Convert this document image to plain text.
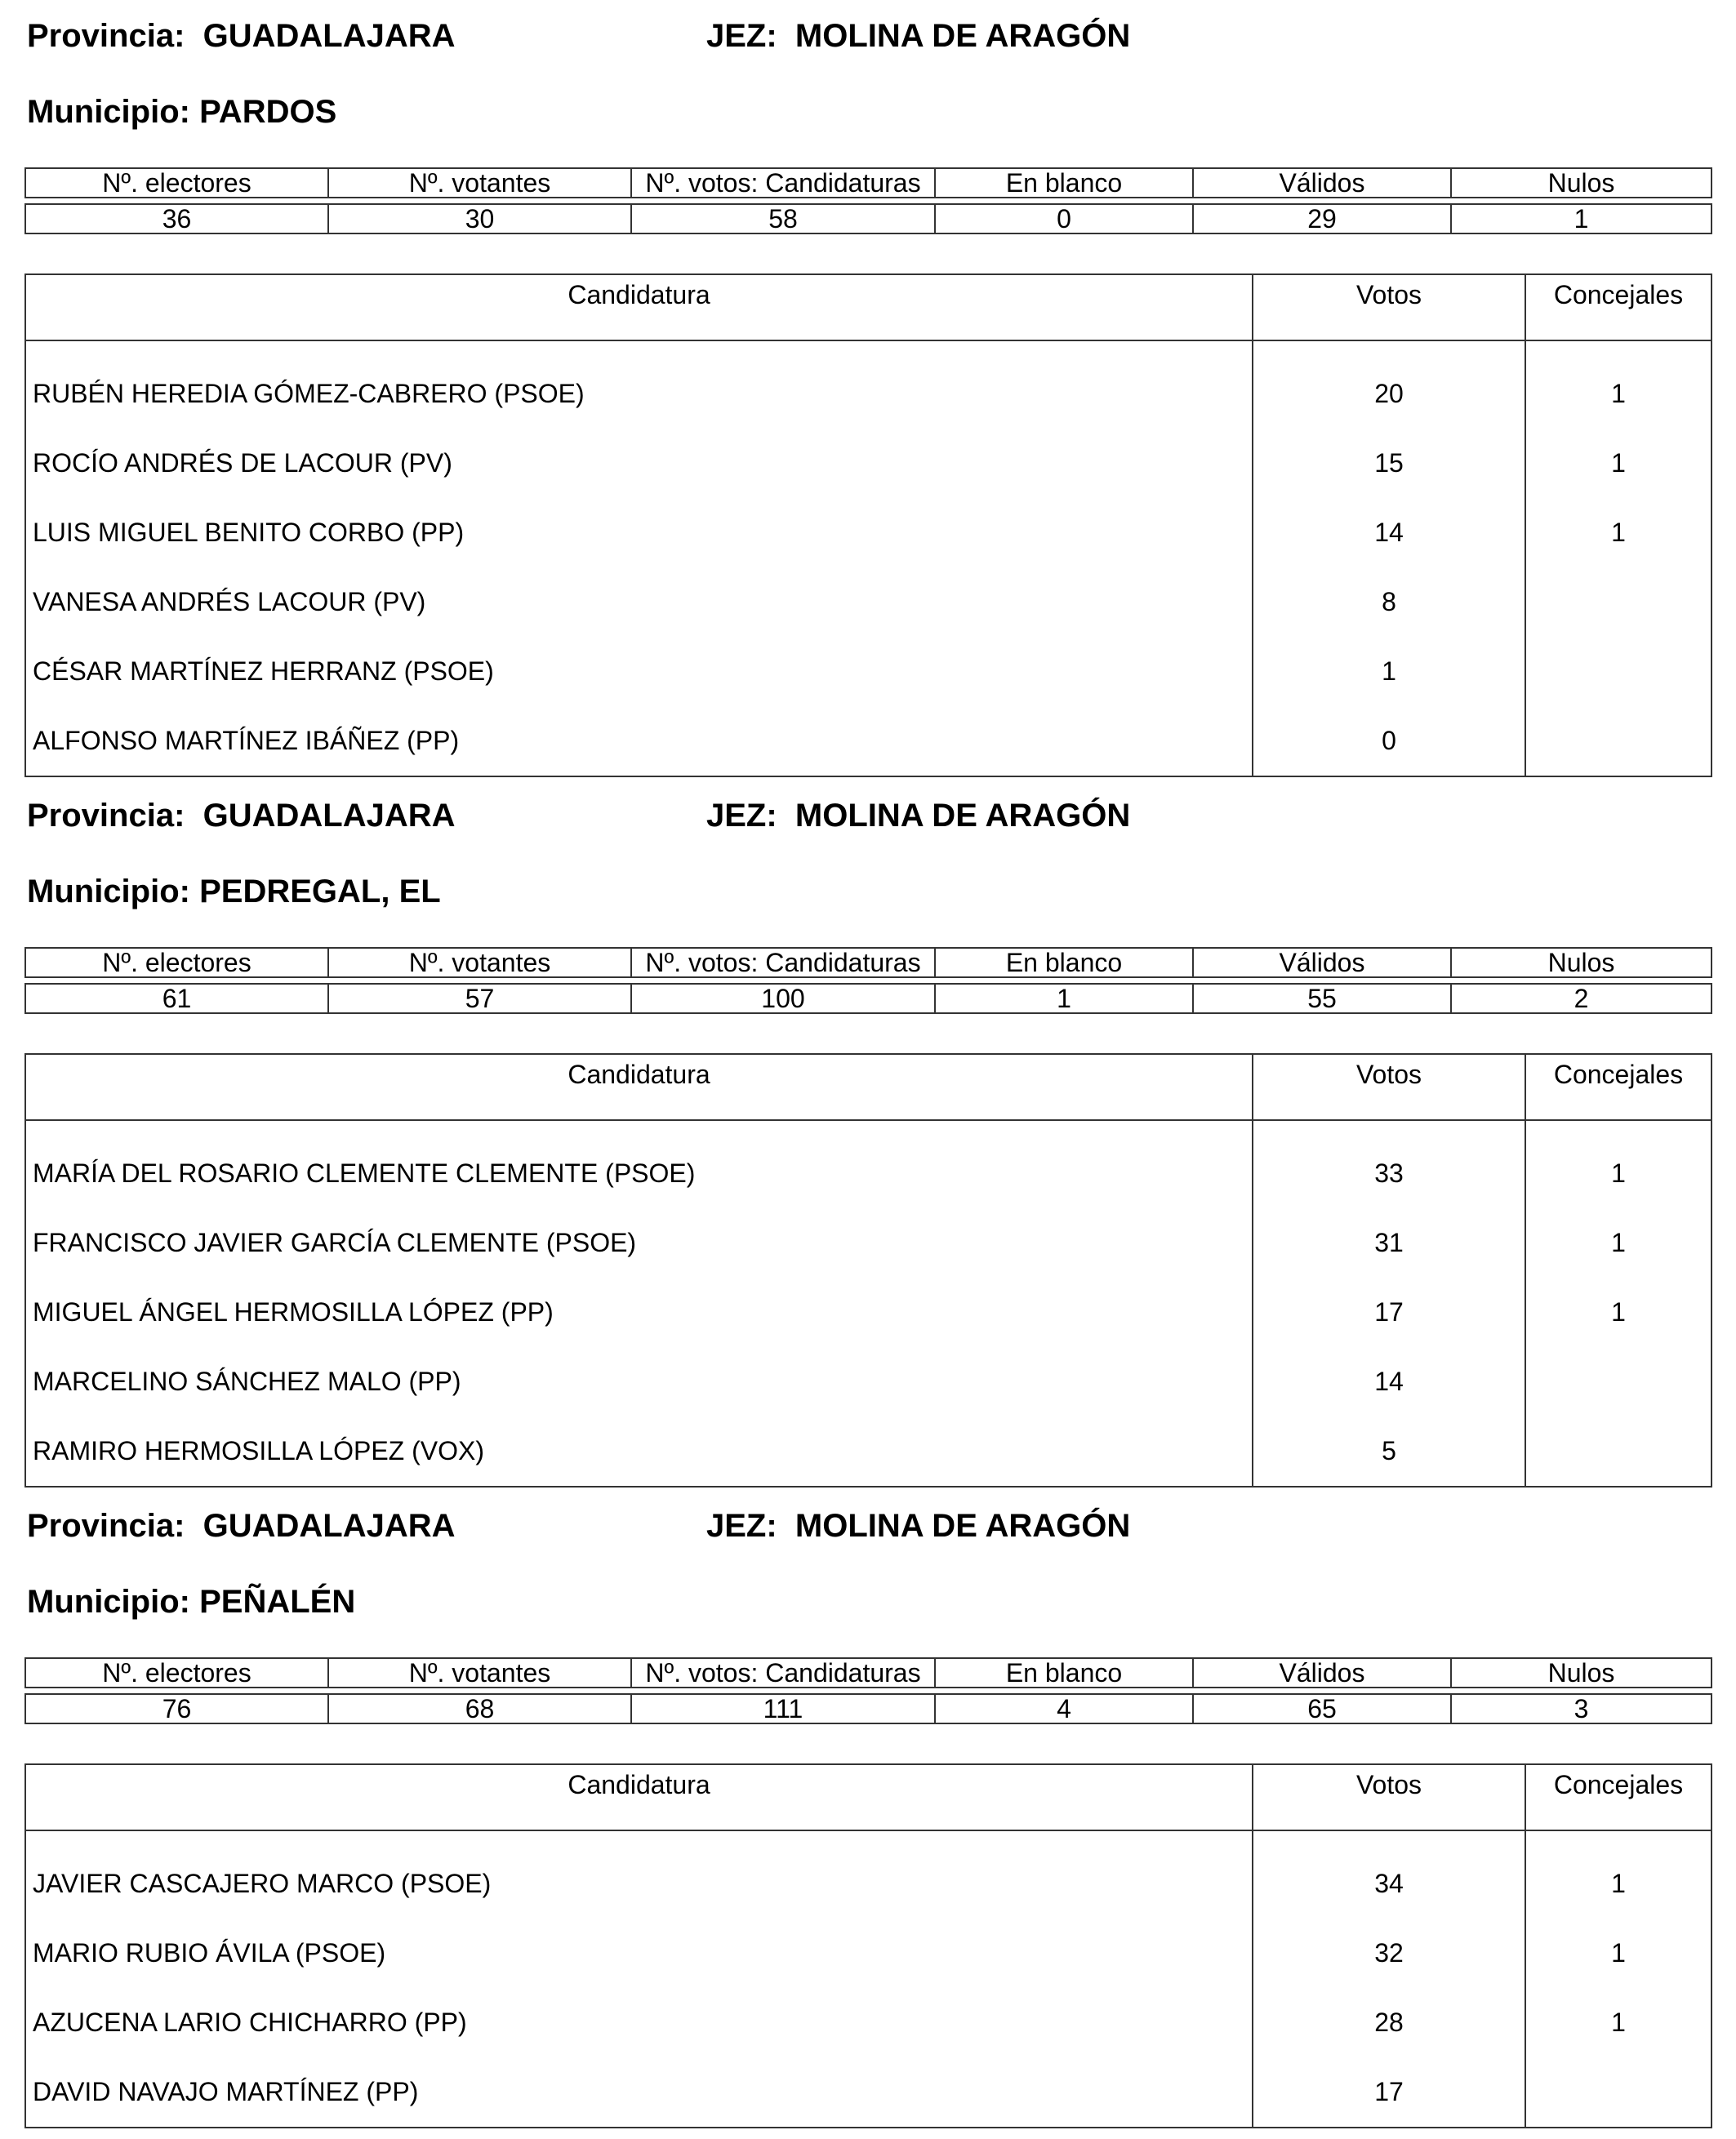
Provincia: GUADALAJARA	JEZ: MOLINA DE ARAGÓN
Municipio: PARDOS
Nº. electores	Nº. votantes	Nº. votos: Candidaturas	En blanco	Válidos	Nulos

36	30	58	0	29	1
Candidatura	Votos	Concejales

RUBÉN HEREDIA GÓMEZ-CABRERO (PSOE)	20	1
ROCÍO ANDRÉS DE LACOUR (PV)	15	1
LUIS MIGUEL BENITO CORBO (PP)	14	1
VANESA ANDRÉS LACOUR (PV)	8	
CÉSAR MARTÍNEZ HERRANZ (PSOE)	1	
ALFONSO MARTÍNEZ IBÁÑEZ (PP)	0	
Provincia: GUADALAJARA	JEZ: MOLINA DE ARAGÓN
Municipio: PEDREGAL, EL
Nº. electores	Nº. votantes	Nº. votos: Candidaturas	En blanco	Válidos	Nulos

61	57	100	1	55	2
Candidatura	Votos	Concejales

MARÍA DEL ROSARIO CLEMENTE CLEMENTE (PSOE)	33	1
FRANCISCO JAVIER GARCÍA CLEMENTE (PSOE)	31	1
MIGUEL ÁNGEL HERMOSILLA LÓPEZ (PP)	17	1
MARCELINO SÁNCHEZ MALO (PP)	14	
RAMIRO HERMOSILLA LÓPEZ (VOX)	5	
Provincia: GUADALAJARA	JEZ: MOLINA DE ARAGÓN
Municipio: PEÑALÉN
Nº. electores	Nº. votantes	Nº. votos: Candidaturas	En blanco	Válidos	Nulos

76	68	111	4	65	3
Candidatura	Votos	Concejales

JAVIER CASCAJERO MARCO (PSOE)	34	1
MARIO RUBIO ÁVILA (PSOE)	32	1
AZUCENA LARIO CHICHARRO (PP)	28	1
DAVID NAVAJO MARTÍNEZ (PP)	17	
